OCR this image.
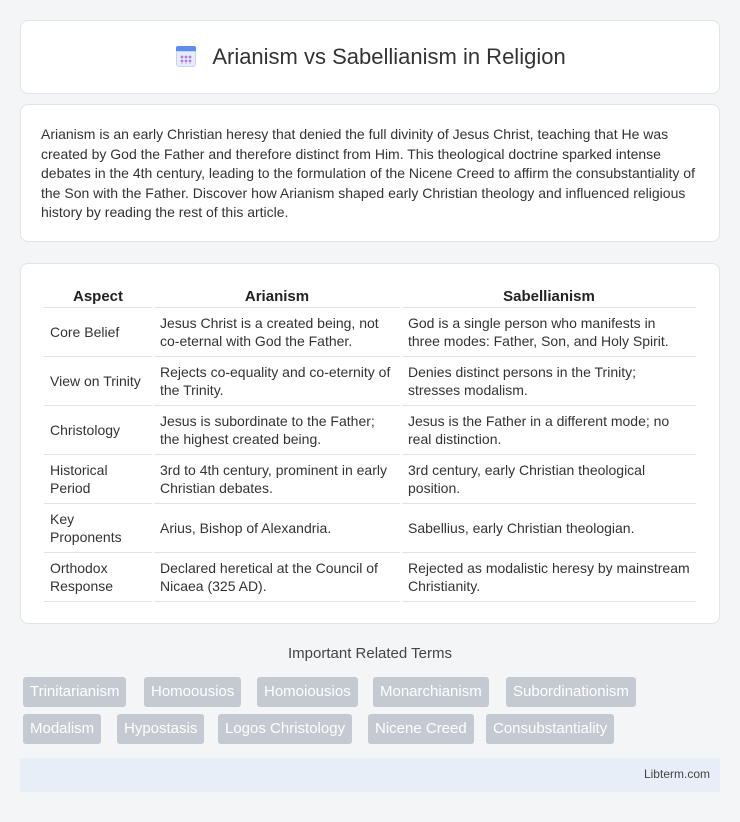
Arianism vs Sabellianism in Religion

Arianism is an early Christian heresy that denied the full divinity of Jesus Christ, teaching that He was created by God the Father and therefore distinct from Him. This theological doctrine sparked intense debates in the 4th century, leading to the formulation of the Nicene Creed to affirm the consubstantiality of the Son with the Father. Discover how Arianism shaped early Christian theology and influenced religious history by reading the rest of this article.

Aspect	Arianism	Sabellianism
Core Belief	Jesus Christ is a created being, not co-eternal with God the Father.	God is a single person who manifests in three modes: Father, Son, and Holy Spirit.
View on Trinity	Rejects co-equality and co-eternity of the Trinity.	Denies distinct persons in the Trinity; stresses modalism.
Christology	Jesus is subordinate to the Father; the highest created being.	Jesus is the Father in a different mode; no real distinction.
Historical Period	3rd to 4th century, prominent in early Christian debates.	3rd century, early Christian theological position.
Key Proponents	Arius, Bishop of Alexandria.	Sabellius, early Christian theologian.
Orthodox Response	Declared heretical at the Council of Nicaea (325 AD).	Rejected as modalistic heresy by mainstream Christianity.
Important Related Terms
Trinitarianism	Homoousios	Homoiousios	Monarchianism	Subordinationism
Modalism	Hypostasis	Logos Christology	Nicene Creed	Consubstantiality
Libterm.com
